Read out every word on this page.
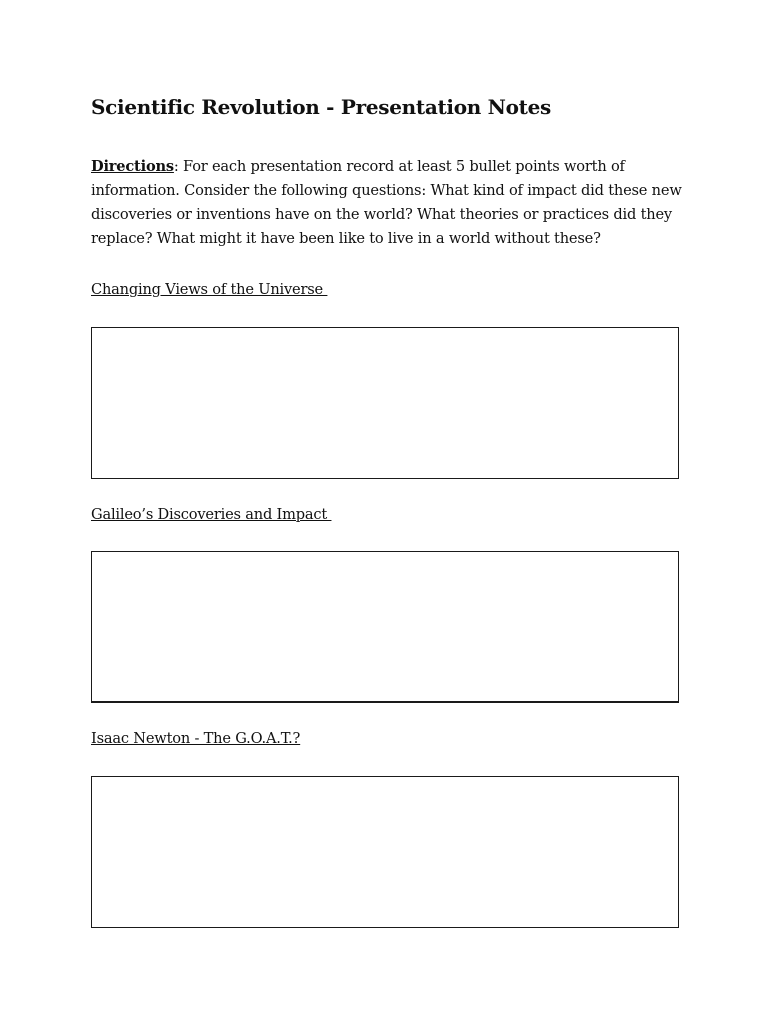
Scientific Revolution - Presentation Notes

Directions: For each presentation record at least 5 bullet points worth of information. Consider the following questions: What kind of impact did these new discoveries or inventions have on the world? What theories or practices did they replace? What might it have been like to live in a world without these?

Changing Views of the Universe
Galileo’s Discoveries and Impact
Isaac Newton - The G.O.A.T.?
